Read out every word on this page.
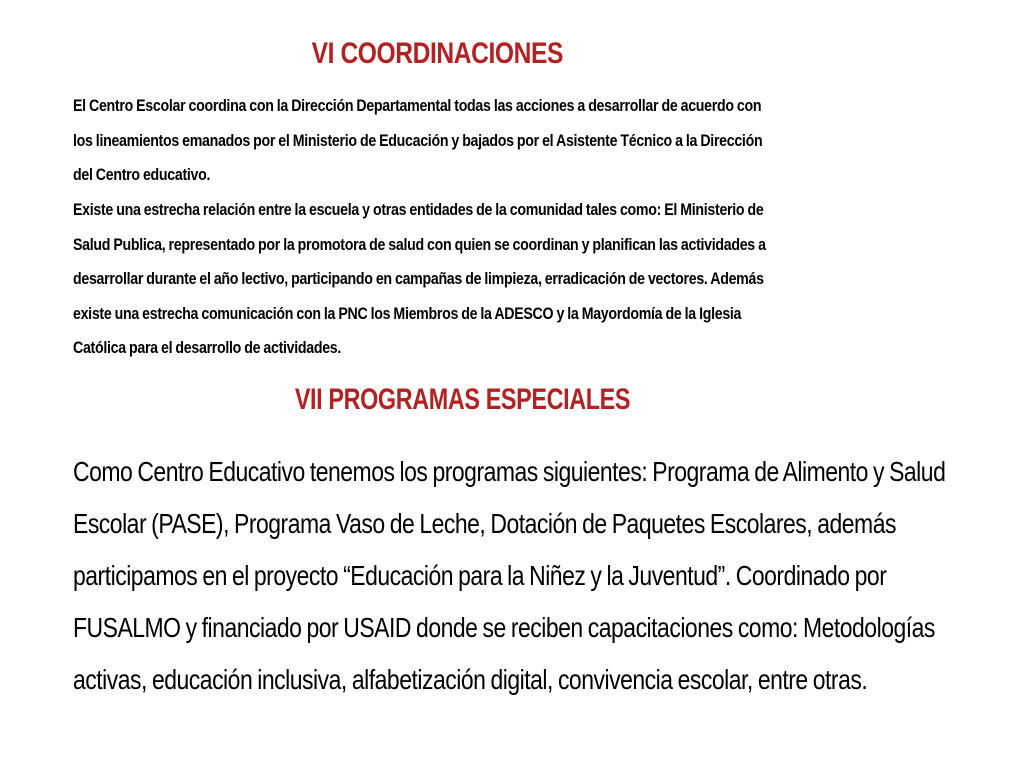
VI COORDINACIONES

El Centro Escolar coordina con la Dirección Departamental todas las acciones a desarrollar de acuerdo con
los lineamientos emanados por el Ministerio de Educación y bajados por el Asistente Técnico a la Dirección
del Centro educativo.

Existe una estrecha relación entre la escuela y otras entidades de la comunidad tales como: El Ministerio de
Salud Publica, representado por la promotora de salud con quien se coordinan y planifican las actividades a
desarrollar durante el año lectivo, participando en campañas de limpieza, erradicación de vectores. Además
existe una estrecha comunicación con la PNC los Miembros de la ADESCO y la Mayordomía de la Iglesia
Católica para el desarrollo de actividades.

VII PROGRAMAS ESPECIALES

Como Centro Educativo tenemos los programas siguientes: Programa de Alimento y Salud
Escolar (PASE), Programa Vaso de Leche, Dotación de Paquetes Escolares, además
participamos en el proyecto “Educación para la Niñez y la Juventud”. Coordinado por
FUSALMO y financiado por USAID donde se reciben capacitaciones como: Metodologías
activas, educación inclusiva, alfabetización digital, convivencia escolar, entre otras.
